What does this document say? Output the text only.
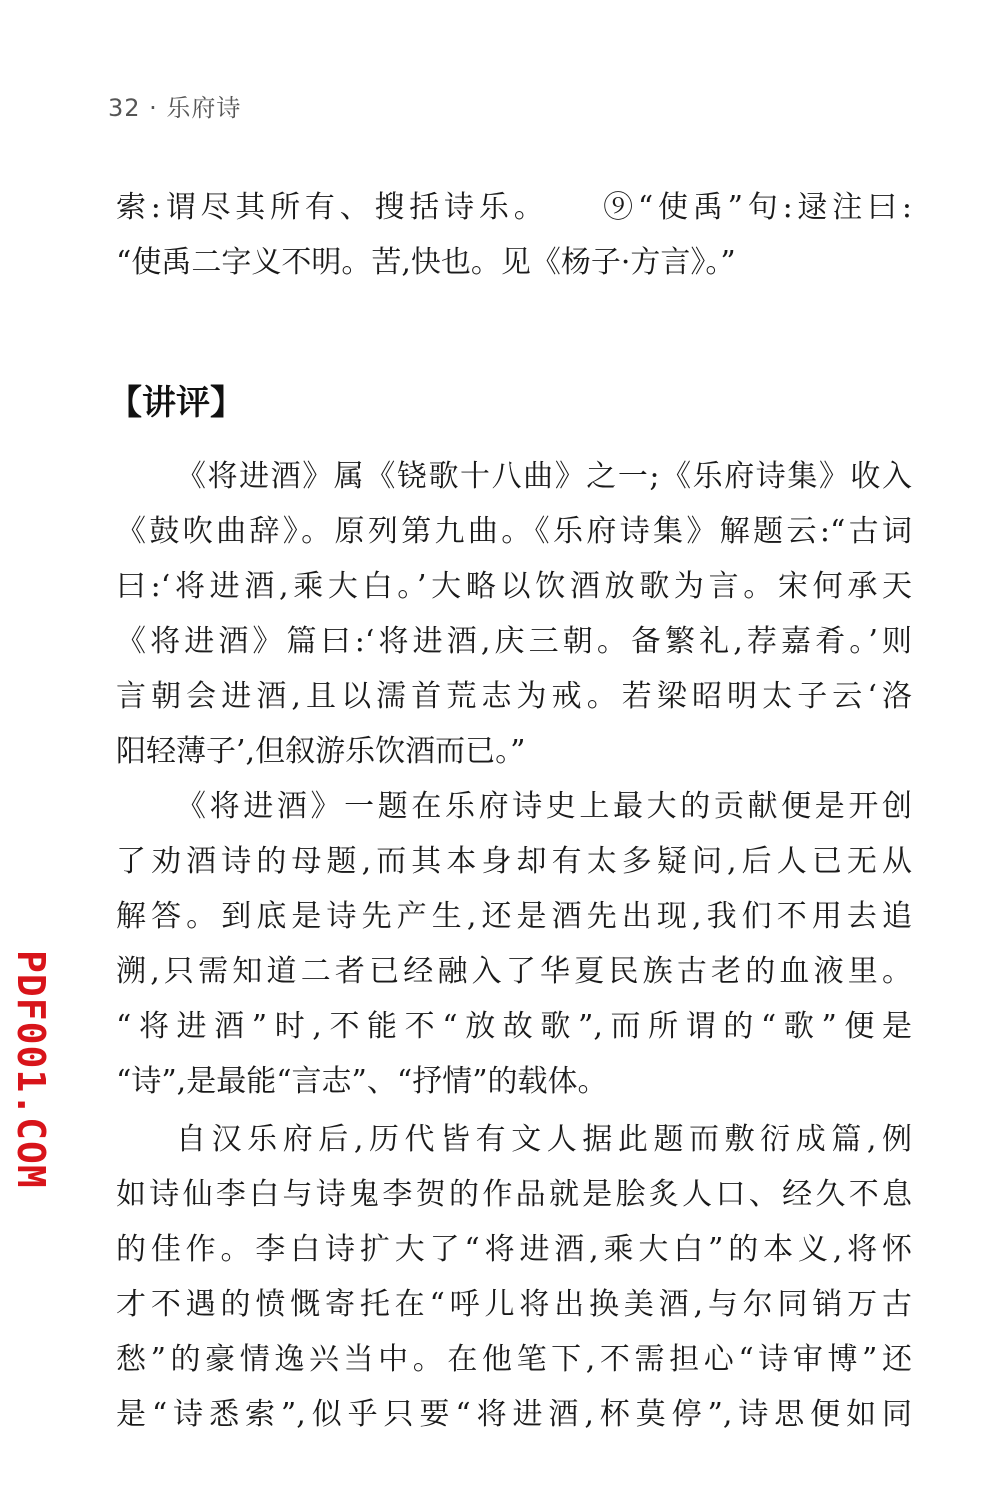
32 · 乐府诗
索:谓尽其所有、搜括诗乐。　　⑨“使禹”句:逯注曰:
“使禹二字义不明。苦,快也。见《杨子·方言》。”
【讲评】
《将进酒》属《铙歌十八曲》之一;《乐府诗集》收入
《鼓吹曲辞》。原列第九曲。《乐府诗集》解题云:“古词
曰:‘将进酒,乘大白。’大略以饮酒放歌为言。宋何承天
《将进酒》篇曰:‘将进酒,庆三朝。备繁礼,荐嘉肴。’则
言朝会进酒,且以濡首荒志为戒。若梁昭明太子云‘洛
阳轻薄子’,但叙游乐饮酒而已。”
《将进酒》一题在乐府诗史上最大的贡献便是开创
了劝酒诗的母题,而其本身却有太多疑问,后人已无从
解答。到底是诗先产生,还是酒先出现,我们不用去追
溯,只需知道二者已经融入了华夏民族古老的血液里。
“将进酒”时,不能不“放故歌”,而所谓的“歌”便是
“诗”,是最能“言志”、“抒情”的载体。
自汉乐府后,历代皆有文人据此题而敷衍成篇,例
如诗仙李白与诗鬼李贺的作品就是脍炙人口、经久不息
的佳作。李白诗扩大了“将进酒,乘大白”的本义,将怀
才不遇的愤慨寄托在“呼儿将出换美酒,与尔同销万古
愁”的豪情逸兴当中。在他笔下,不需担心“诗审博”还
是“诗悉索”,似乎只要“将进酒,杯莫停”,诗思便如同
PDF001.COM
